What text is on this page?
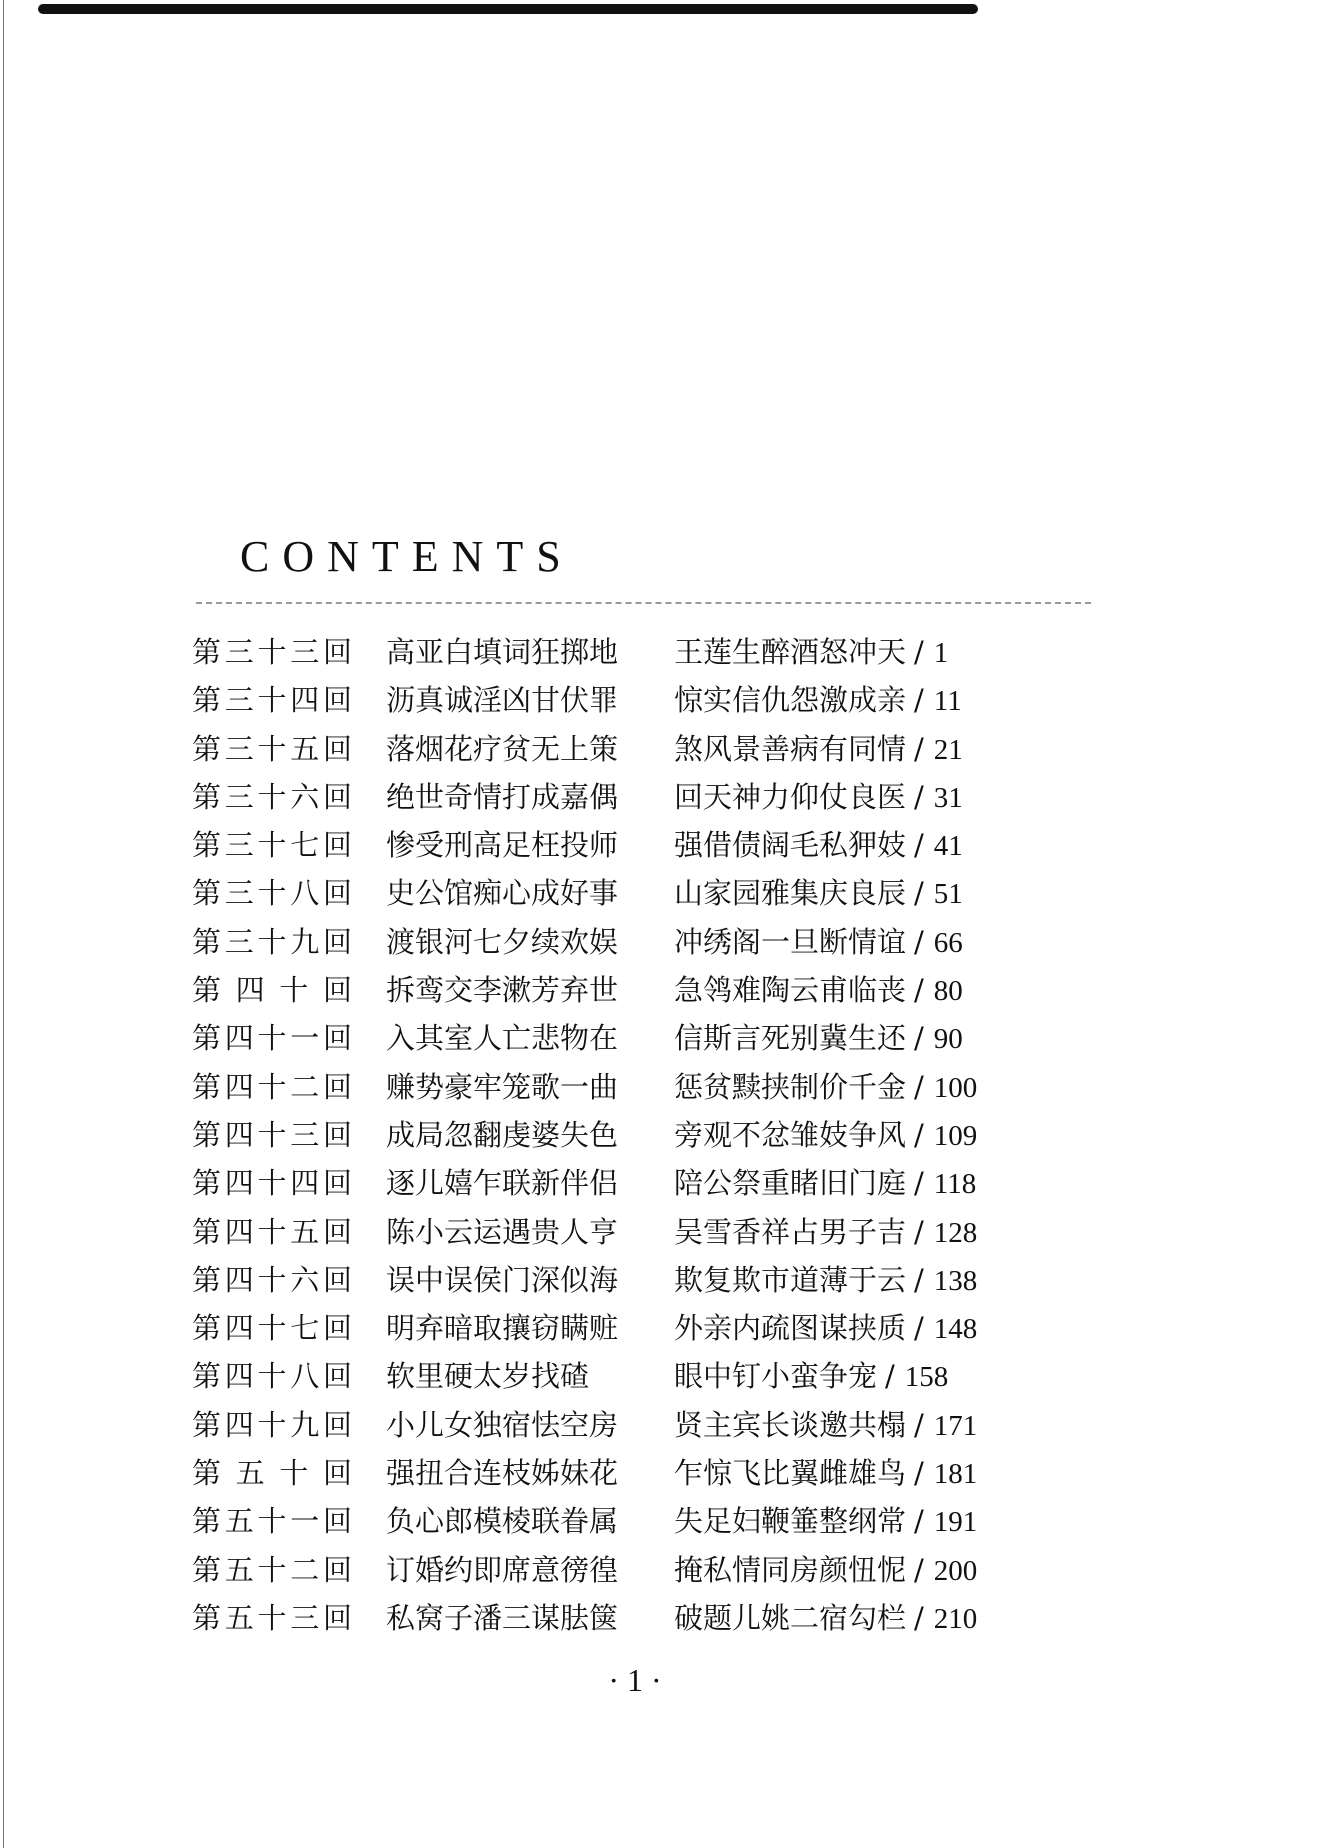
CONTENTS
第三十三回 高亚白填词狂掷地 王莲生醉酒怒冲天 / 1
第三十四回 沥真诚淫凶甘伏罪 惊实信仇怨激成亲 / 11
第三十五回 落烟花疗贫无上策 煞风景善病有同情 / 21
第三十六回 绝世奇情打成嘉偶 回天神力仰仗良医 / 31
第三十七回 惨受刑高足枉投师 强借债阔毛私狎妓 / 41
第三十八回 史公馆痴心成好事 山家园雅集庆良辰 / 51
第三十九回 渡银河七夕续欢娱 冲绣阁一旦断情谊 / 66
第四十回 拆鸾交李漱芳弃世 急鸰难陶云甫临丧 / 80
第四十一回 入其室人亡悲物在 信斯言死别冀生还 / 90
第四十二回 赚势豪牢笼歌一曲 惩贫黩挟制价千金 / 100
第四十三回 成局忽翻虔婆失色 旁观不忿雏妓争风 / 109
第四十四回 逐儿嬉乍联新伴侣 陪公祭重睹旧门庭 / 118
第四十五回 陈小云运遇贵人亨 吴雪香祥占男子吉 / 128
第四十六回 误中误侯门深似海 欺复欺市道薄于云 / 138
第四十七回 明弃暗取攘窃瞒赃 外亲内疏图谋挟质 / 148
第四十八回 软里硬太岁找碴	眼中钉小蛮争宠 / 158
第四十九回 小儿女独宿怯空房 贤主宾长谈邀共榻 / 171
第五十回 强扭合连枝姊妹花 乍惊飞比翼雌雄鸟 / 181
第五十一回 负心郎模棱联眷属 失足妇鞭箠整纲常 / 191
第五十二回 订婚约即席意徬徨 掩私情同房颜忸怩 / 200
第五十三回 私窝子潘三谋胠箧 破题儿姚二宿勾栏 / 210
· 1 ·
